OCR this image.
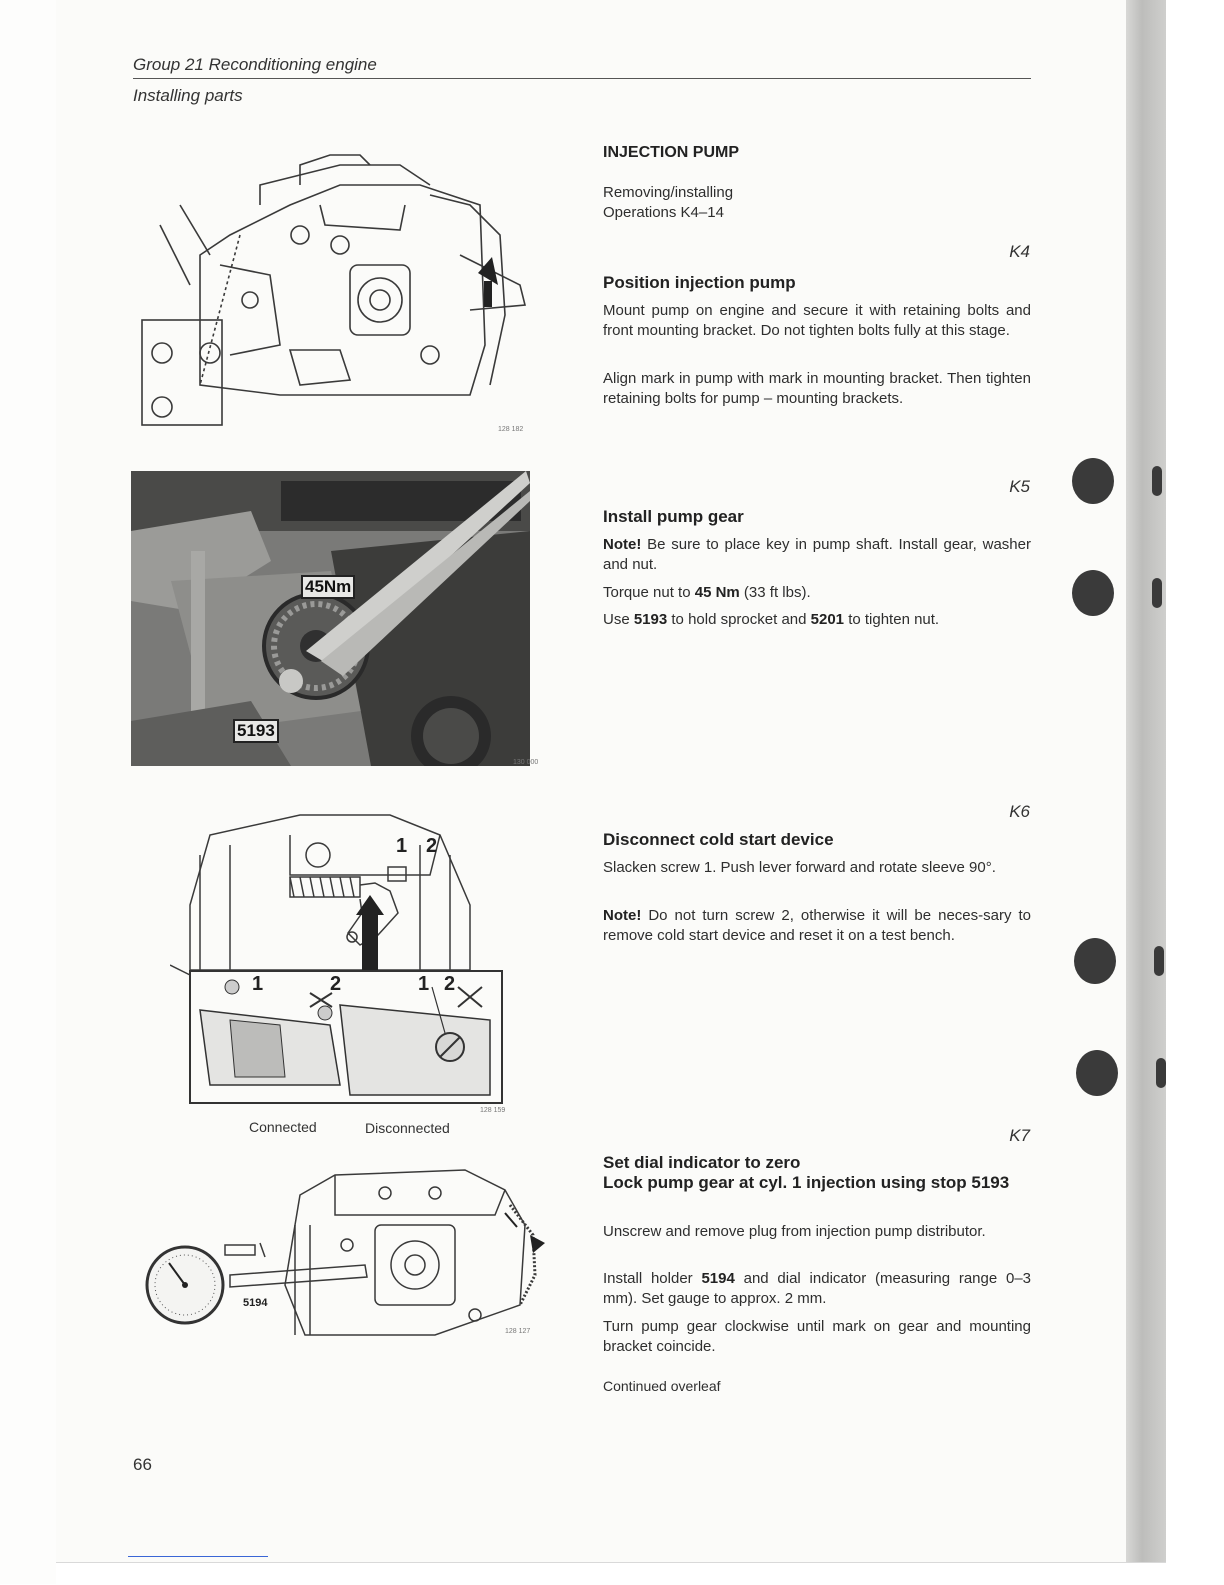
Group 21 Reconditioning engine
Installing parts
128 182
45Nm
5193
130 000
1 2
1	2	1 2
128 159
Connected	Disconnected
5194
128 127
INJECTION PUMP
Removing/installing
Operations K4–14
K4
Position injection pump
Mount pump on engine and secure it with retaining bolts and front mounting bracket. Do not tighten bolts fully at this stage.
Align mark in pump with mark in mounting bracket. Then tighten retaining bolts for pump – mounting brackets.
K5
Install pump gear
Note! Be sure to place key in pump shaft. Install gear, washer and nut.
Torque nut to 45 Nm (33 ft lbs).
Use 5193 to hold sprocket and 5201 to tighten nut.
K6
Disconnect cold start device
Slacken screw 1. Push lever forward and rotate sleeve 90°.
Note! Do not turn screw 2, otherwise it will be neces-sary to remove cold start device and reset it on a test bench.
K7
Set dial indicator to zero
Lock pump gear at cyl. 1 injection using stop 5193
Unscrew and remove plug from injection pump distributor.
Install holder 5194 and dial indicator (measuring range 0–3 mm). Set gauge to approx. 2 mm.
Turn pump gear clockwise until mark on gear and mounting bracket coincide.
Continued overleaf
66
